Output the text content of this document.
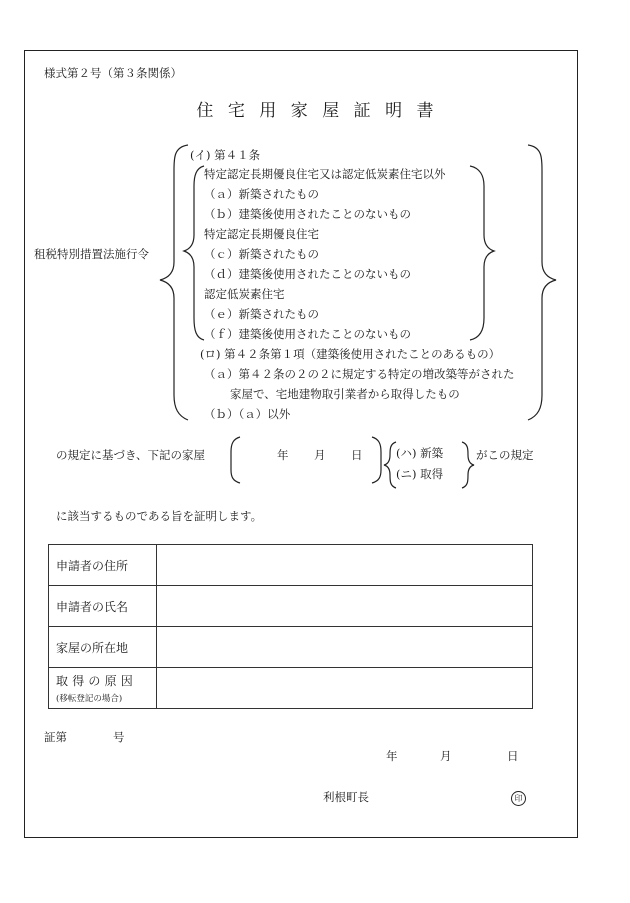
様式第２号（第３条関係）
住宅用家屋証明書
租税特別措置法施行令
(イ) 第４１条
特定認定長期優良住宅又は認定低炭素住宅以外
（ａ）新築されたもの
（ｂ）建築後使用されたことのないもの
特定認定長期優良住宅
（ｃ）新築されたもの
（ｄ）建築後使用されたことのないもの
認定低炭素住宅
（ｅ）新築されたもの
（ｆ）建築後使用されたことのないもの
(ロ) 第４２条第１項（建築後使用されたことのあるもの）
（ａ）第４２条の２の２に規定する特定の増改築等がされた
家屋で、宅地建物取引業者から取得したもの
（ｂ）（ａ）以外
の規定に基づき、下記の家屋	年 月 日	(ハ) 新築
(ニ) 取得
がこの規定
に該当するものである旨を証明します。
申請者の住所	
申請者の氏名	
家屋の所在地	
取得の原因
(移転登記の場合)	

証第	号
年	月	日
利根町長	印
